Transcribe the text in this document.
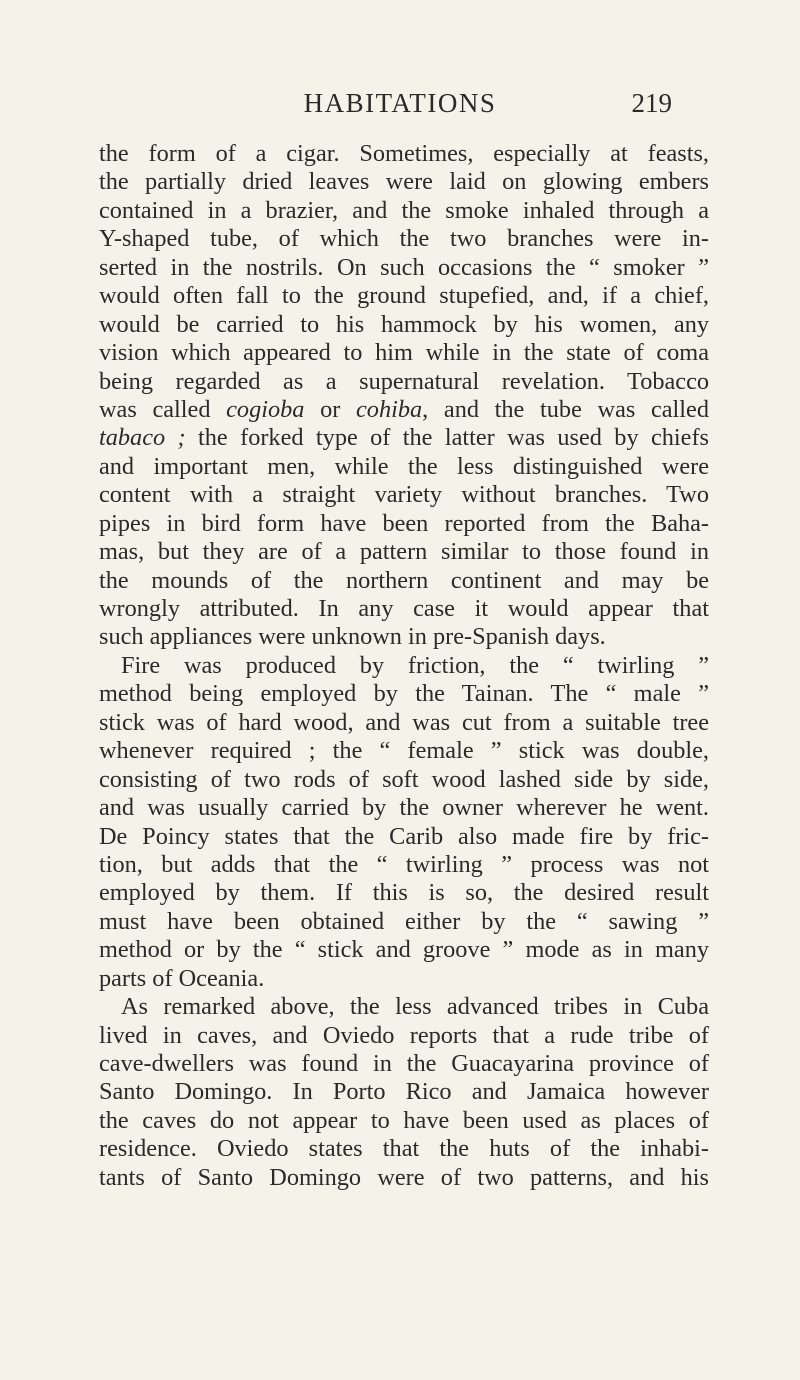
HABITATIONS	219
the form of a cigar. Sometimes, especially at feasts,
the partially dried leaves were laid on glowing embers
contained in a brazier, and the smoke inhaled through a
Y-shaped tube, of which the two branches were in-
serted in the nostrils. On such occasions the “ smoker ”
would often fall to the ground stupefied, and, if a chief,
would be carried to his hammock by his women, any
vision which appeared to him while in the state of coma
being regarded as a supernatural revelation. Tobacco
was called cogioba or cohiba, and the tube was called
tabaco ; the forked type of the latter was used by chiefs
and important men, while the less distinguished were
content with a straight variety without branches. Two
pipes in bird form have been reported from the Baha-
mas, but they are of a pattern similar to those found in
the mounds of the northern continent and may be
wrongly attributed. In any case it would appear that
such appliances were unknown in pre-Spanish days.
Fire was produced by friction, the “ twirling ”
method being employed by the Tainan. The “ male ”
stick was of hard wood, and was cut from a suitable tree
whenever required ; the “ female ” stick was double,
consisting of two rods of soft wood lashed side by side,
and was usually carried by the owner wherever he went.
De Poincy states that the Carib also made fire by fric-
tion, but adds that the “ twirling ” process was not
employed by them. If this is so, the desired result
must have been obtained either by the “ sawing ”
method or by the “ stick and groove ” mode as in many
parts of Oceania.
As remarked above, the less advanced tribes in Cuba
lived in caves, and Oviedo reports that a rude tribe of
cave-dwellers was found in the Guacayarina province of
Santo Domingo. In Porto Rico and Jamaica however
the caves do not appear to have been used as places of
residence. Oviedo states that the huts of the inhabi-
tants of Santo Domingo were of two patterns, and his
